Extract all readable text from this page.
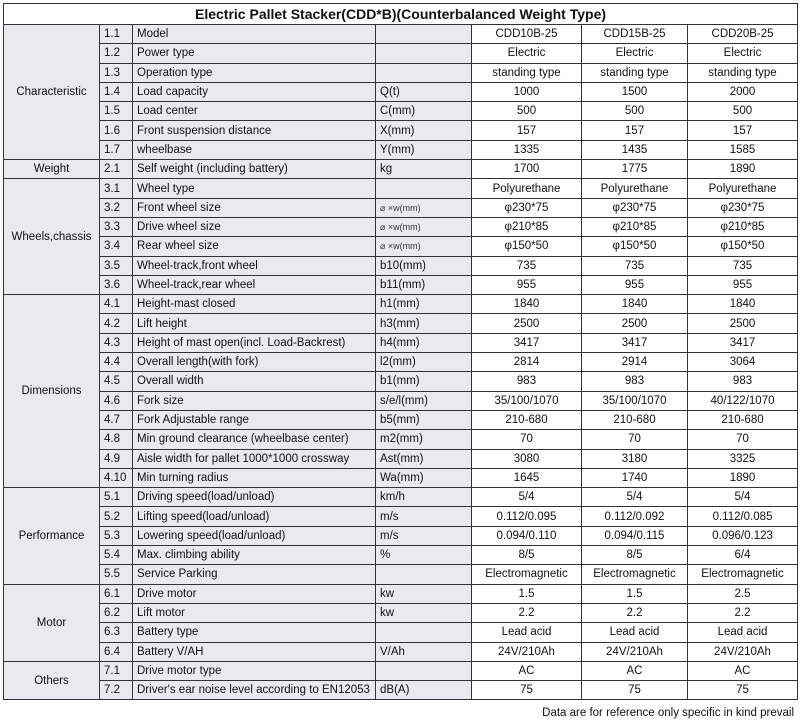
Electric Pallet Stacker(CDD*B)(Counterbalanced Weight Type)						
Characteristic	1.1	Model		CDD10B-25	CDD15B-25	CDD20B-25
	1.2	Power type		Electric	Electric	Electric
	1.3	Operation type		standing type	standing type	standing type
	1.4	Load capacity	Q(t)	1000	1500	2000
	1.5	Load center	C(mm)	500	500	500
	1.6	Front suspension distance	X(mm)	157	157	157
	1.7	wheelbase	Y(mm)	1335	1435	1585
Weight	2.1	Self weight (including battery)	kg	1700	1775	1890
Wheels,chassis	3.1	Wheel type		Polyurethane	Polyurethane	Polyurethane
	3.2	Front wheel size	⌀ ×w(mm)	φ230*75	φ230*75	φ230*75
	3.3	Drive wheel size	⌀ ×w(mm)	φ210*85	φ210*85	φ210*85
	3.4	Rear wheel size	⌀ ×w(mm)	φ150*50	φ150*50	φ150*50
	3.5	Wheel-track,front wheel	b10(mm)	735	735	735
	3.6	Wheel-track,rear wheel	b11(mm)	955	955	955
Dimensions	4.1	Height-mast closed	h1(mm)	1840	1840	1840
	4.2	Lift height	h3(mm)	2500	2500	2500
	4.3	Height of mast open(incl. Load-Backrest)	h4(mm)	3417	3417	3417
	4.4	Overall length(with fork)	l2(mm)	2814	2914	3064
	4.5	Overall width	b1(mm)	983	983	983
	4.6	Fork size	s/e/l(mm)	35/100/1070	35/100/1070	40/122/1070
	4.7	Fork Adjustable range	b5(mm)	210-680	210-680	210-680
	4.8	Min ground clearance (wheelbase center)	m2(mm)	70	70	70
	4.9	Aisle width for pallet 1000*1000 crossway	Ast(mm)	3080	3180	3325
	4.10	Min turning radius	Wa(mm)	1645	1740	1890
Performance	5.1	Driving speed(load/unload)	km/h	5/4	5/4	5/4
	5.2	Lifting speed(load/unload)	m/s	0.112/0.095	0.112/0.092	0.112/0.085
	5.3	Lowering speed(load/unload)	m/s	0.094/0.110	0.094/0.115	0.096/0.123
	5.4	Max. climbing ability	%	8/5	8/5	6/4
	5.5	Service Parking		Electromagnetic	Electromagnetic	Electromagnetic
Motor	6.1	Drive motor	kw	1.5	1.5	2.5
	6.2	Lift motor	kw	2.2	2.2	2.2
	6.3	Battery type		Lead acid	Lead acid	Lead acid
	6.4	Battery V/AH	V/Ah	24V/210Ah	24V/210Ah	24V/210Ah
Others	7.1	Drive motor type		AC	AC	AC
	7.2	Driver's ear noise level according to EN12053	dB(A)	75	75	75
Data are for reference only specific in kind prevail
